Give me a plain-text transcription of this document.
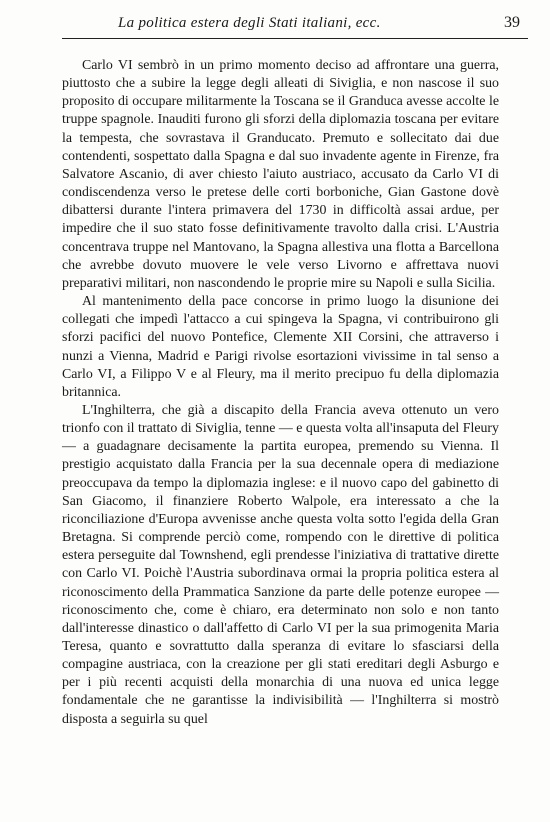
La politica estera degli Stati italiani, ecc.	39

Carlo VI sembrò in un primo momento deciso ad affrontare una guerra, piuttosto che a subire la legge degli alleati di Siviglia, e non nascose il suo proposito di occupare militarmente la Toscana se il Granduca avesse accolte le truppe spagnole. Inauditi furono gli sforzi della diplomazia toscana per evitare la tempesta, che sovrastava il Granducato. Premuto e sollecitato dai due contendenti, sospettato dalla Spagna e dal suo invadente agente in Firenze, fra Salvatore Ascanio, di aver chiesto l'aiuto austriaco, accusato da Carlo VI di condiscendenza verso le pretese delle corti borboniche, Gian Gastone dovè dibattersi durante l'intera primavera del 1730 in difficoltà assai ardue, per impedire che il suo stato fosse definitivamente travolto dalla crisi. L'Austria concentrava truppe nel Mantovano, la Spagna allestiva una flotta a Barcellona che avrebbe dovuto muovere le vele verso Livorno e affrettava nuovi preparativi militari, non nascondendo le proprie mire su Napoli e sulla Sicilia.

Al mantenimento della pace concorse in primo luogo la disunione dei collegati che impedì l'attacco a cui spingeva la Spagna, vi contribuirono gli sforzi pacifici del nuovo Pontefice, Clemente XII Corsini, che attraverso i nunzi a Vienna, Madrid e Parigi rivolse esortazioni vivissime in tal senso a Carlo VI, a Filippo V e al Fleury, ma il merito precipuo fu della diplomazia britannica.

L'Inghilterra, che già a discapito della Francia aveva ottenuto un vero trionfo con il trattato di Siviglia, tenne — e questa volta all'insaputa del Fleury — a guadagnare decisamente la partita europea, premendo su Vienna. Il prestigio acquistato dalla Francia per la sua decennale opera di mediazione preoccupava da tempo la diplomazia inglese: e il nuovo capo del gabinetto di San Giacomo, il finanziere Roberto Walpole, era interessato a che la riconciliazione d'Europa avvenisse anche questa volta sotto l'egida della Gran Bretagna. Si comprende perciò come, rompendo con le direttive di politica estera perseguite dal Townshend, egli prendesse l'iniziativa di trattative dirette con Carlo VI. Poichè l'Austria subordinava ormai la propria politica estera al riconoscimento della Prammatica Sanzione da parte delle potenze europee — riconoscimento che, come è chiaro, era determinato non solo e non tanto dall'interesse dinastico o dall'affetto di Carlo VI per la sua primogenita Maria Teresa, quanto e sovrattutto dalla speranza di evitare lo sfasciarsi della compagine austriaca, con la creazione per gli stati ereditari degli Asburgo e per i più recenti acquisti della monarchia di una nuova ed unica legge fondamentale che ne garantisse la indivisibilità — l'Inghilterra si mostrò disposta a seguirla su quel
